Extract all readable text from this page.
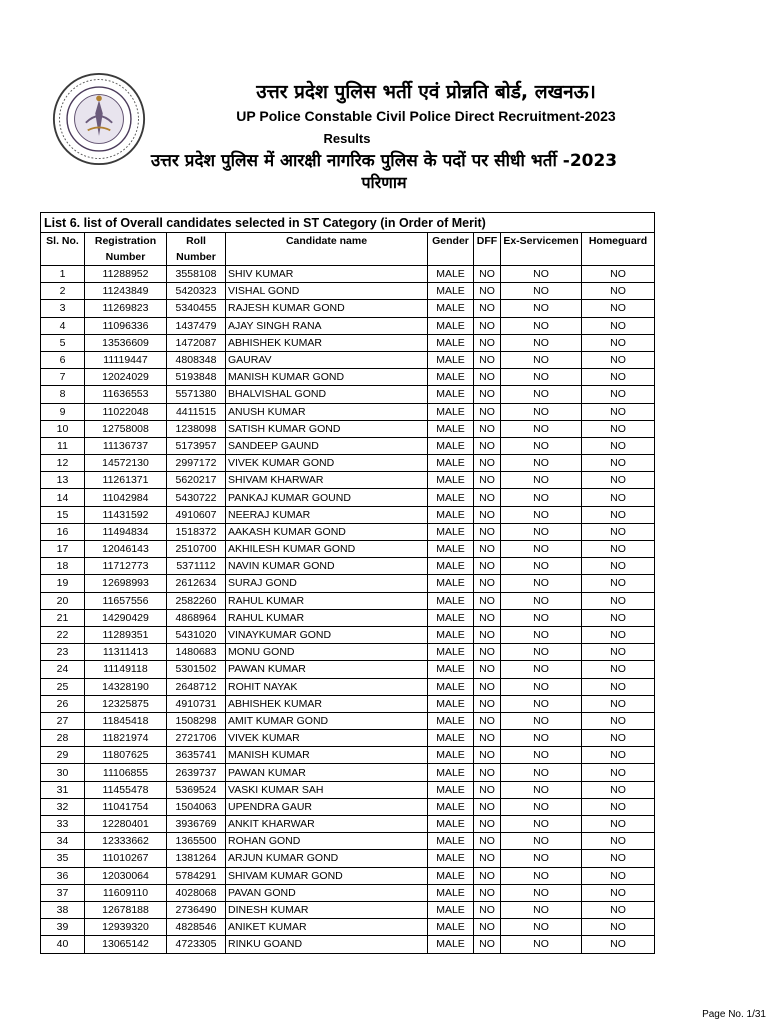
उत्तर प्रदेश पुलिस भर्ती एवं प्रोन्नति बोर्ड, लखनऊ।
UP Police Constable Civil Police Direct Recruitment-2023
Results
उत्तर प्रदेश पुलिस में आरक्षी नागरिक पुलिस के पदों पर सीधी भर्ती -2023
परिणाम
List 6. list of Overall candidates selected in ST Category (in Order of Merit)							
Sl. No.	Registration Number	Roll Number	Candidate name	Gender	DFF	Ex-Servicemen	Homeguard
1	11288952	3558108	SHIV KUMAR	MALE	NO	NO	NO
2	11243849	5420323	VISHAL GOND	MALE	NO	NO	NO
3	11269823	5340455	RAJESH KUMAR GOND	MALE	NO	NO	NO
4	11096336	1437479	AJAY SINGH RANA	MALE	NO	NO	NO
5	13536609	1472087	ABHISHEK KUMAR	MALE	NO	NO	NO
6	11119447	4808348	GAURAV	MALE	NO	NO	NO
7	12024029	5193848	MANISH KUMAR GOND	MALE	NO	NO	NO
8	11636553	5571380	BHALVISHAL GOND	MALE	NO	NO	NO
9	11022048	4411515	ANUSH KUMAR	MALE	NO	NO	NO
10	12758008	1238098	SATISH KUMAR GOND	MALE	NO	NO	NO
11	11136737	5173957	SANDEEP GAUND	MALE	NO	NO	NO
12	14572130	2997172	VIVEK KUMAR GOND	MALE	NO	NO	NO
13	11261371	5620217	SHIVAM KHARWAR	MALE	NO	NO	NO
14	11042984	5430722	PANKAJ KUMAR GOUND	MALE	NO	NO	NO
15	11431592	4910607	NEERAJ KUMAR	MALE	NO	NO	NO
16	11494834	1518372	AAKASH KUMAR GOND	MALE	NO	NO	NO
17	12046143	2510700	AKHILESH KUMAR GOND	MALE	NO	NO	NO
18	11712773	5371112	NAVIN KUMAR GOND	MALE	NO	NO	NO
19	12698993	2612634	SURAJ GOND	MALE	NO	NO	NO
20	11657556	2582260	RAHUL KUMAR	MALE	NO	NO	NO
21	14290429	4868964	RAHUL KUMAR	MALE	NO	NO	NO
22	11289351	5431020	VINAYKUMAR GOND	MALE	NO	NO	NO
23	11311413	1480683	MONU GOND	MALE	NO	NO	NO
24	11149118	5301502	PAWAN KUMAR	MALE	NO	NO	NO
25	14328190	2648712	ROHIT NAYAK	MALE	NO	NO	NO
26	12325875	4910731	ABHISHEK KUMAR	MALE	NO	NO	NO
27	11845418	1508298	AMIT KUMAR GOND	MALE	NO	NO	NO
28	11821974	2721706	VIVEK KUMAR	MALE	NO	NO	NO
29	11807625	3635741	MANISH KUMAR	MALE	NO	NO	NO
30	11106855	2639737	PAWAN KUMAR	MALE	NO	NO	NO
31	11455478	5369524	VASKI KUMAR SAH	MALE	NO	NO	NO
32	11041754	1504063	UPENDRA GAUR	MALE	NO	NO	NO
33	12280401	3936769	ANKIT KHARWAR	MALE	NO	NO	NO
34	12333662	1365500	ROHAN GOND	MALE	NO	NO	NO
35	11010267	1381264	ARJUN KUMAR GOND	MALE	NO	NO	NO
36	12030064	5784291	SHIVAM KUMAR GOND	MALE	NO	NO	NO
37	11609110	4028068	PAVAN GOND	MALE	NO	NO	NO
38	12678188	2736490	DINESH KUMAR	MALE	NO	NO	NO
39	12939320	4828546	ANIKET KUMAR	MALE	NO	NO	NO
40	13065142	4723305	RINKU GOAND	MALE	NO	NO	NO
Page No. 1/31
